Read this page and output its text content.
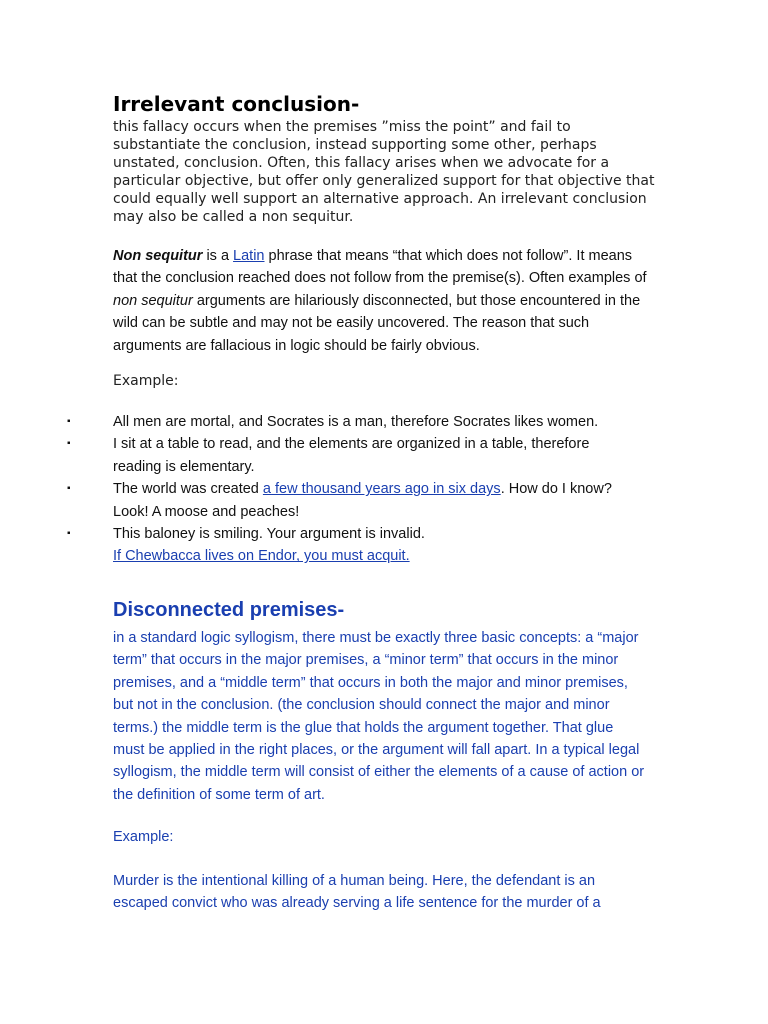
Irrelevant conclusion-

this fallacy occurs when the premises ”miss the point” and fail to substantiate the conclusion, instead supporting some other, perhaps unstated, conclusion. Often, this fallacy arises when we advocate for a particular objective, but offer only generalized support for that objective that could equally well support an alternative approach. An irrelevant conclusion may also be called a non sequitur.

Non sequitur is a Latin phrase that means “that which does not follow”. It means that the conclusion reached does not follow from the premise(s). Often examples of non sequitur arguments are hilariously disconnected, but those encountered in the wild can be subtle and may not be easily uncovered. The reason that such arguments are fallacious in logic should be fairly obvious.

Example:

▪	All men are mortal, and Socrates is a man, therefore Socrates likes women.
▪	I sit at a table to read, and the elements are organized in a table, therefore reading is elementary.
▪	The world was created a few thousand years ago in six days. How do I know? Look! A moose and peaches!
▪	This baloney is smiling. Your argument is invalid.
If Chewbacca lives on Endor, you must acquit.
Disconnected premises-

in a standard logic syllogism, there must be exactly three basic concepts: a “major term” that occurs in the major premises, a “minor term” that occurs in the minor premises, and a “middle term” that occurs in both the major and minor premises, but not in the conclusion. (the conclusion should connect the major and minor terms.) the middle term is the glue that holds the argument together. That glue must be applied in the right places, or the argument will fall apart. In a typical legal syllogism, the middle term will consist of either the elements of a cause of action or the definition of some term of art.

Example:

Murder is the intentional killing of a human being. Here, the defendant is an escaped convict who was already serving a life sentence for the murder of a
